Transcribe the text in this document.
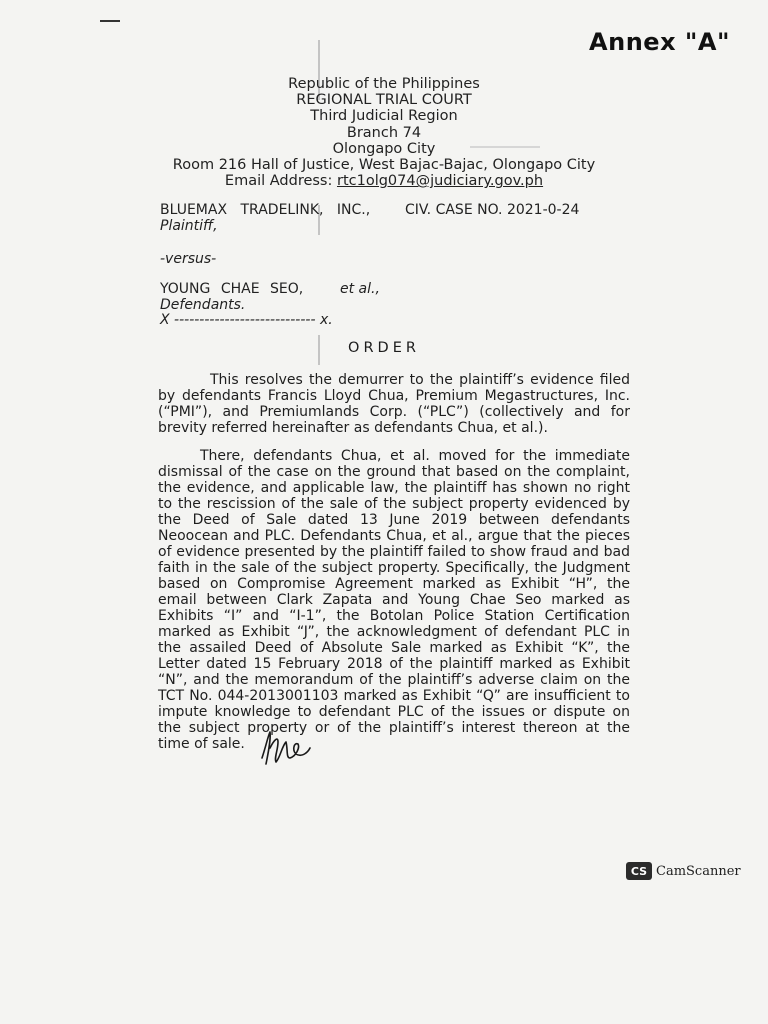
Annex "A"
Republic of the Philippines
REGIONAL TRIAL COURT
Third Judicial Region
Branch 74
Olongapo City
Room 216 Hall of Justice, West Bajac-Bajac, Olongapo City
Email Address: rtc1olg074@judiciary.gov.ph
BLUEMAX TRADELINK, INC., CIV. CASE NO. 2021-0-24
Plaintiff,
-versus-
YOUNG CHAE SEO,	et al.,
Defendants.
X ---------------------------- x.
ORDER

This resolves the demurrer to the plaintiff’s evidence filed by defendants Francis Lloyd Chua, Premium Megastructures, Inc. (“PMI”), and Premiumlands Corp. (“PLC”) (collectively and for brevity referred hereinafter as defendants Chua, et al.).

There, defendants Chua, et al. moved for the immediate dismissal of the case on the ground that based on the complaint, the evidence, and applicable law, the plaintiff has shown no right to the rescission of the sale of the subject property evidenced by the Deed of Sale dated 13 June 2019 between defendants Neoocean and PLC. Defendants Chua, et al., argue that the pieces of evidence presented by the plaintiff failed to show fraud and bad faith in the sale of the subject property. Specifically, the Judgment based on Compromise Agreement marked as Exhibit “H”, the email between Clark Zapata and Young Chae Seo marked as Exhibits “I” and “I-1”, the Botolan Police Station Certification marked as Exhibit “J”, the acknowledgment of defendant PLC in the assailed Deed of Absolute Sale marked as Exhibit “K”, the Letter dated 15 February 2018 of the plaintiff marked as Exhibit “N”, and the memorandum of the plaintiff’s adverse claim on the TCT No. 044-2013001103 marked as Exhibit “Q” are insufficient to impute knowledge to defendant PLC of the issues or dispute on the subject property or of the plaintiff’s interest thereon at the time of sale.

CS CamScanner
